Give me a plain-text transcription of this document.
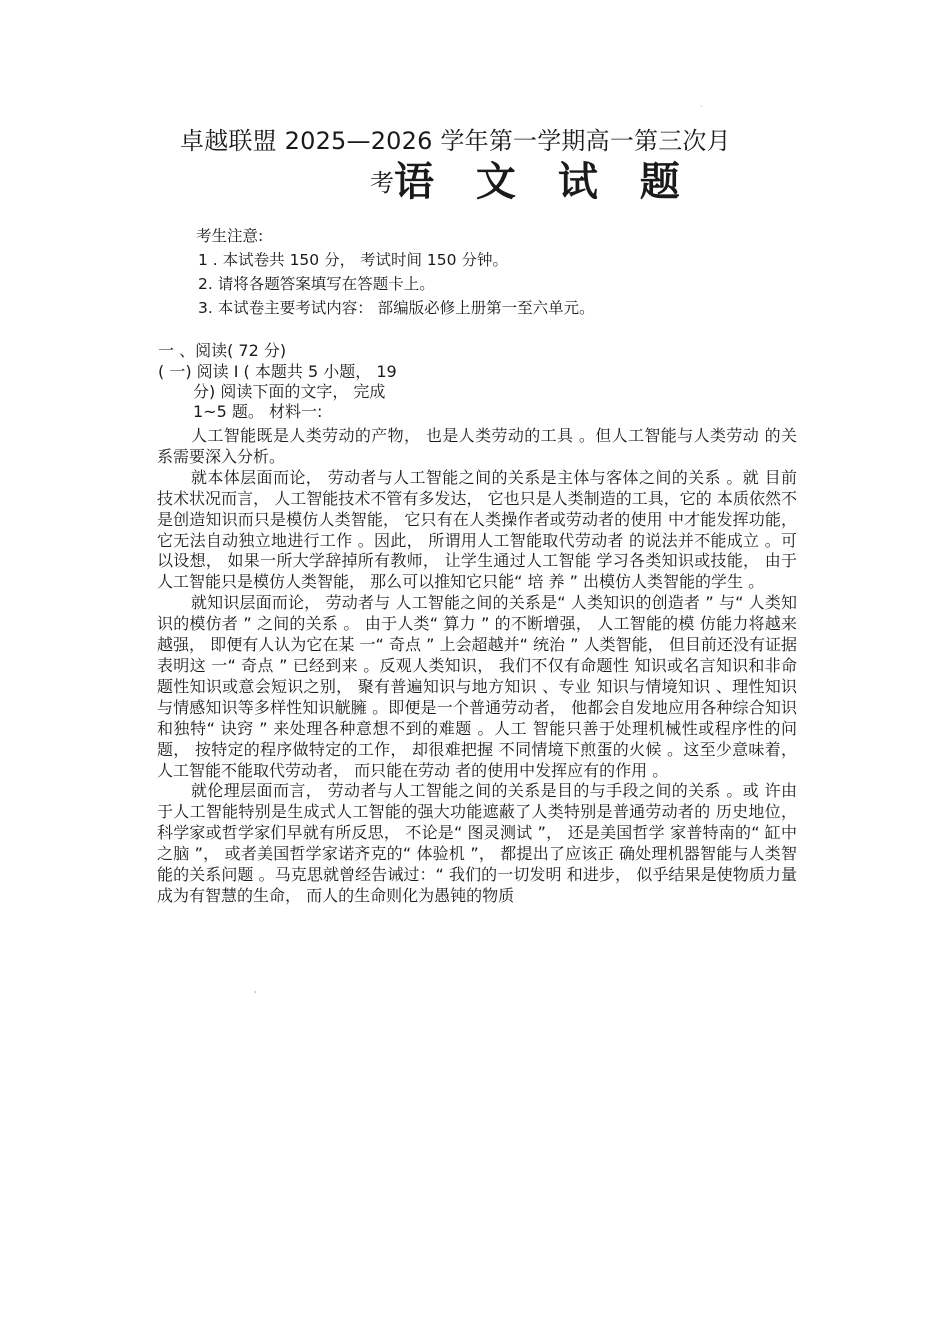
卓越联盟 2025—2026 学年第一学期高一第三次月
考语 文 试 题
考生注意:
1 . 本试卷共 150 分， 考试时间 150 分钟。
2. 请将各题答案填写在答题卡上。
3. 本试卷主要考试内容： 部编版必修上册第一至六单元。
一 、阅读( 72 分)
( 一) 阅读 Ⅰ ( 本题共 5 小题， 19
分) 阅读下面的文字， 完成
1~5 题。 材料一:

人工智能既是人类劳动的产物， 也是人类劳动的工具 。但人工智能与人类劳动 的关系需要深入分析。

就本体层面而论， 劳动者与人工智能之间的关系是主体与客体之间的关系 。就 目前技术状况而言， 人工智能技术不管有多发达， 它也只是人类制造的工具，它的 本质依然不是创造知识而只是模仿人类智能， 它只有在人类操作者或劳动者的使用 中才能发挥功能， 它无法自动独立地进行工作 。因此， 所谓用人工智能取代劳动者 的说法并不能成立 。可以设想， 如果一所大学辞掉所有教师， 让学生通过人工智能 学习各类知识或技能， 由于人工智能只是模仿人类智能， 那么可以推知它只能“ 培 养 ” 出模仿人类智能的学生 。

就知识层面而论， 劳动者与 人工智能之间的关系是“ 人类知识的创造者 ” 与“ 人类知识的模仿者 ” 之间的关系 。 由于人类“ 算力 ” 的不断增强， 人工智能的模 仿能力将越来越强， 即便有人认为它在某 一“ 奇点 ” 上会超越并“ 统治 ” 人类智能， 但目前还没有证据表明这 一“ 奇点 ” 已经到来 。反观人类知识， 我们不仅有命题性 知识或名言知识和非命题性知识或意会短识之别， 聚有普遍知识与地方知识 、专业 知识与情境知识 、理性知识与情感知识等多样性知识觥臃 。即便是一个普通劳动者， 他都会自发地应用各种综合知识和独特“ 诀窍 ” 来处理各种意想不到的难题 。人工 智能只善于处理机械性或程序性的问题， 按特定的程序做特定的工作， 却很难把握 不同情境下煎蛋的火候 。这至少意味着， 人工智能不能取代劳动者， 而只能在劳动 者的使用中发挥应有的作用 。

就伦理层面而言， 劳动者与人工智能之间的关系是目的与手段之间的关系 。或 许由于人工智能特别是生成式人工智能的强大功能遮蔽了人类特别是普通劳动者的 历史地位， 科学家或哲学家们早就有所反思， 不论是“ 图灵测试 ”， 还是美国哲学 家普特南的“ 缸中之脑 ”， 或者美国哲学家诺齐克的“ 体验机 ”， 都提出了应该正 确处理机器智能与人类智能的关系问题 。马克思就曾经告诫过：“ 我们的一切发明 和进步， 似乎结果是使物质力量成为有智慧的生命， 而人的生命则化为愚钝的物质

·
'
